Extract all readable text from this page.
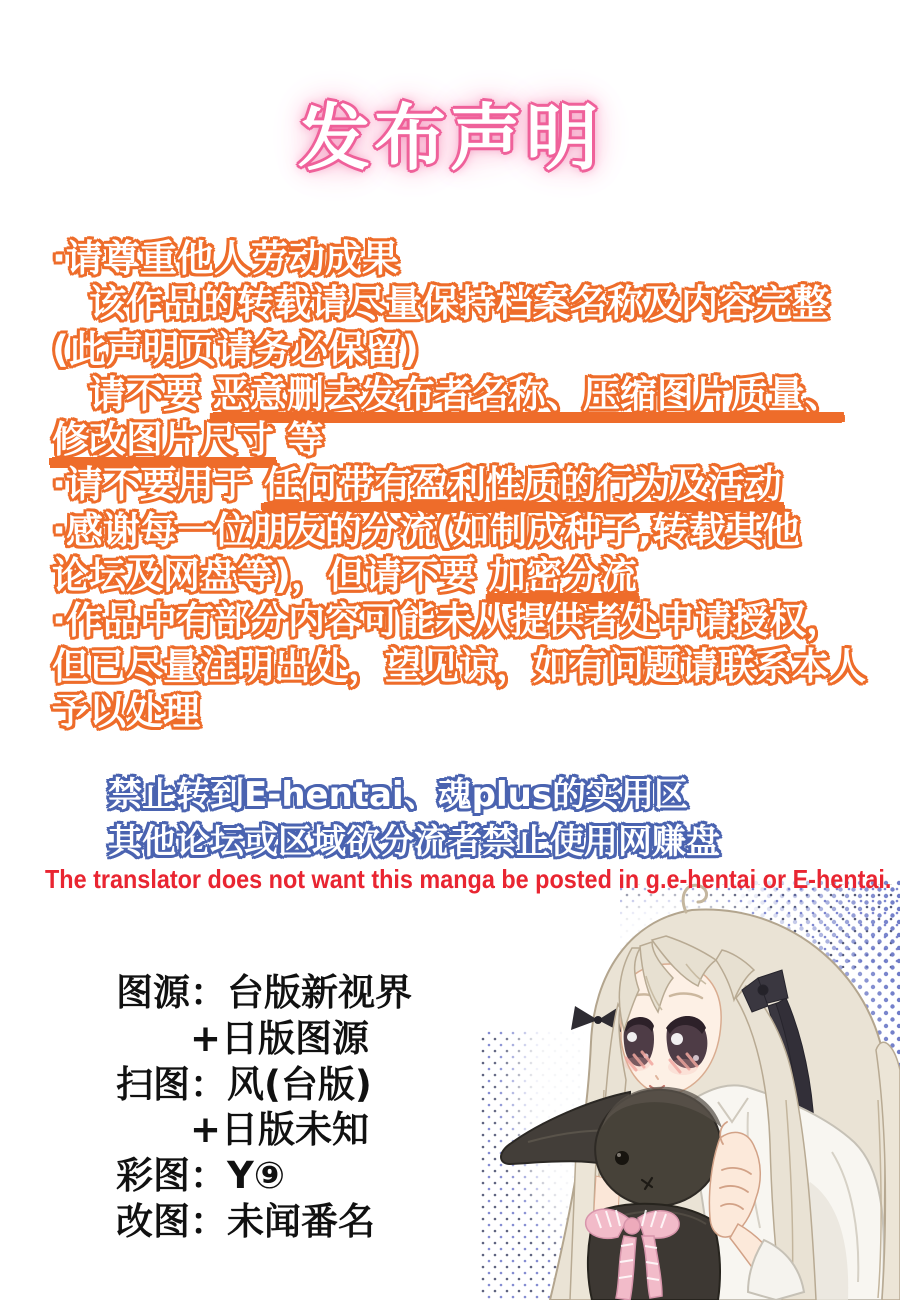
发布声明
·请尊重他人劳动成果
　该作品的转载请尽量保持档案名称及内容完整
(此声明页请务必保留)
　请不要 恶意删去发布者名称、压缩图片质量、
修改图片尺寸 等
·请不要用于 任何带有盈利性质的行为及活动
·感谢每一位朋友的分流(如制成种子,转载其他
论坛及网盘等)，但请不要 加密分流
·作品中有部分内容可能未从提供者处申请授权，
但已尽量注明出处，望见谅，如有问题请联系本人
予以处理
禁止转到E-hentai、魂plus的实用区
其他论坛或区域欲分流者禁止使用网赚盘
The translator does not want this manga be posted in g.e-hentai or E-hentai.
图源：台版新视界
　　+日版图源
扫图：风(台版)
　　+日版未知
彩图：Y⑨
改图：未闻番名
